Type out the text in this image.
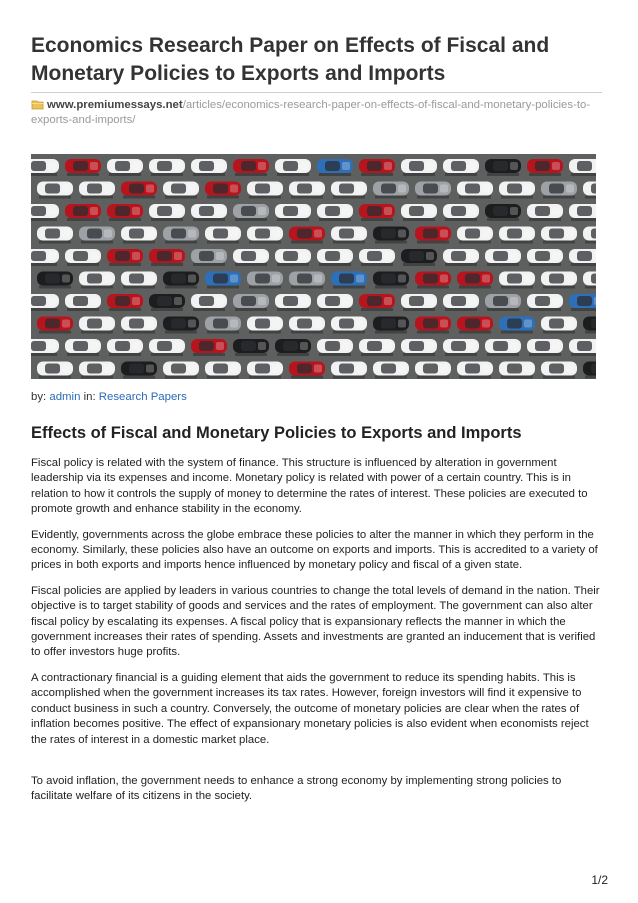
Economics Research Paper on Effects of Fiscal and Monetary Policies to Exports and Imports
www.premiumessays.net/articles/economics-research-paper-on-effects-of-fiscal-and-monetary-policies-to-exports-and-imports/
by: admin in: Research Papers
Effects of Fiscal and Monetary Policies to Exports and Imports

Fiscal policy is related with the system of finance. This structure is influenced by alteration in government leadership via its expenses and income. Monetary policy is related with power of a certain country. This is in relation to how it controls the supply of money to determine the rates of interest. These policies are executed to promote growth and enhance stability in the economy.

Evidently, governments across the globe embrace these policies to alter the manner in which they perform in the economy. Similarly, these policies also have an outcome on exports and imports. This is accredited to a variety of prices in both exports and imports hence influenced by monetary policy and fiscal of a given state.

Fiscal policies are applied by leaders in various countries to change the total levels of demand in the nation. Their objective is to target stability of goods and services and the rates of employment. The government can also alter fiscal policy by escalating its expenses. A fiscal policy that is expansionary reflects the manner in which the government increases their rates of spending. Assets and investments are granted an inducement that is verified to offer investors huge profits.

A contractionary financial is a guiding element that aids the government to reduce its spending habits. This is accomplished when the government increases its tax rates. However, foreign investors will find it expensive to conduct business in such a country. Conversely, the outcome of monetary policies are clear when the rates of inflation becomes positive. The effect of expansionary monetary policies is also evident when economists reject the rates of interest in a domestic market place.

To avoid inflation, the government needs to enhance a strong economy by implementing strong policies to facilitate welfare of its citizens in the society.

1/2
